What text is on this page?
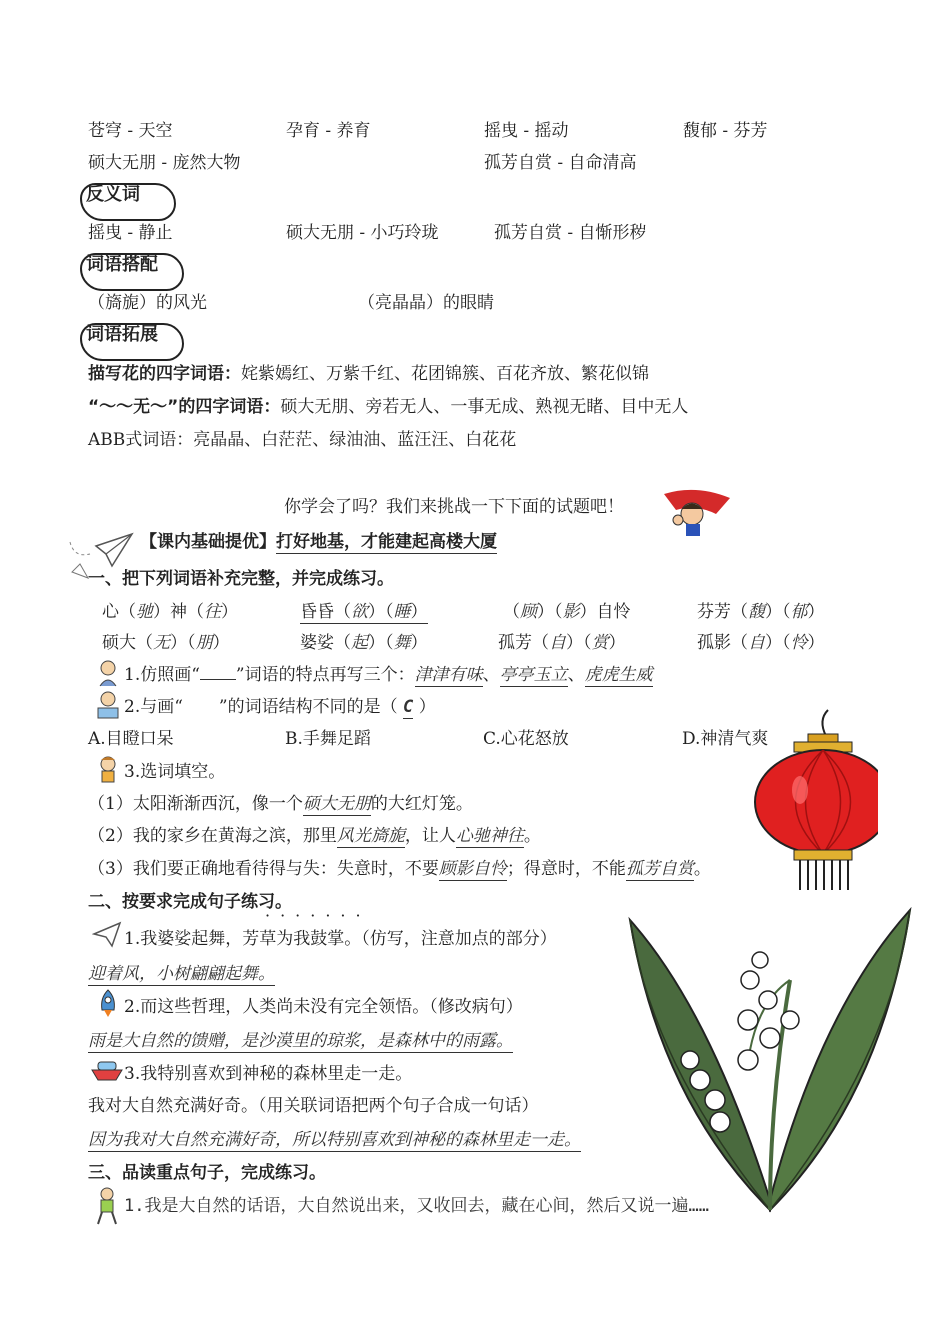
苍穹 - 天空	孕育 - 养育	摇曳 - 摇动	馥郁 - 芬芳
硕大无朋 - 庞然大物	孤芳自赏 - 自命清高
反义词
摇曳 - 静止	硕大无朋 - 小巧玲珑	孤芳自赏 - 自惭形秽
词语搭配
（旖旎）的风光	（亮晶晶）的眼睛
词语拓展
描写花的四字词语：姹紫嫣红、万紫千红、花团锦簇、百花齐放、繁花似锦
“～～无～”的四字词语：硕大无朋、旁若无人、一事无成、熟视无睹、目中无人
ABB式词语：亮晶晶、白茫茫、绿油油、蓝汪汪、白花花
你学会了吗？我们来挑战一下下面的试题吧！
【课内基础提优】打好地基，才能建起高楼大厦
一、把下列词语补充完整，并完成练习。
心（驰）神（往）	昏昏（欲）（睡）	（顾）（影）自怜	芬芳（馥）（郁）
硕大（无）（朋）	婆娑（起）（舞）	孤芳（自）（赏）	孤影（自）（怜）
1.仿照画“ ”词语的特点再写三个：津津有味、亭亭玉立、虎虎生威
2.与画“ ”的词语结构不同的是（ C ）
A.目瞪口呆	B.手舞足蹈	C.心花怒放	D.神清气爽
3.选词填空。
（1）太阳渐渐西沉，像一个硕大无朋的大红灯笼。
（2）我的家乡在黄海之滨，那里风光旖旎，让人心驰神往。
（3）我们要正确地看待得与失：失意时，不要顾影自怜；得意时，不能孤芳自赏。
二、按要求完成句子练习。
·······
1.我婆娑起舞，芳草为我鼓掌。（仿写，注意加点的部分）
迎着风，小树翩翩起舞。
2.而这些哲理，人类尚未没有完全领悟。（修改病句）
雨是大自然的馈赠，是沙漠里的琼浆，是森林中的雨露。
3.我特别喜欢到神秘的森林里走一走。
我对大自然充满好奇。（用关联词语把两个句子合成一句话）
因为我对大自然充满好奇，所以特别喜欢到神秘的森林里走一走。
三、品读重点句子，完成练习。
1.我是大自然的话语，大自然说出来，又收回去，藏在心间，然后又说一遍……
